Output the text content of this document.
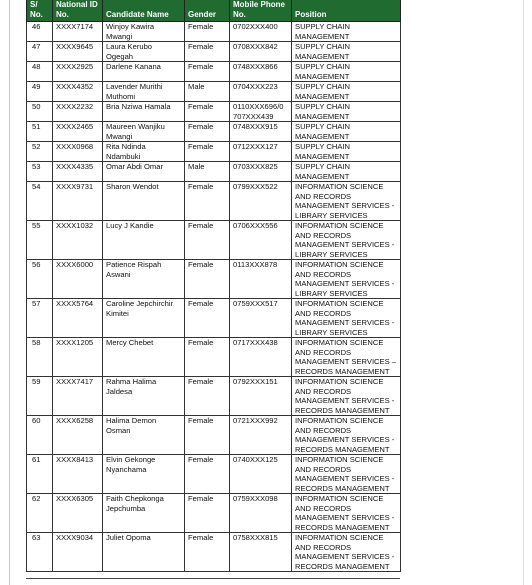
S/ No.	National ID No.	Candidate Name	Gender	Mobile Phone No.	Position
46	XXXX7174	Winjoy Kawira Mwangi	Female	0702XXX400	SUPPLY CHAIN MANAGEMENT
47	XXXX9645	Laura Kerubo Ogegah	Female	0708XXX842	SUPPLY CHAIN MANAGEMENT
48	XXXX2925	Darlene Kanana	Female	0748XXX866	SUPPLY CHAIN MANAGEMENT
49	XXXX4352	Lavender Murithi Muthomi	Male	0704XXX223	SUPPLY CHAIN MANAGEMENT
50	XXXX2232	Bria Nziwa Hamala	Female	0110XXX696/0 707XXX439	SUPPLY CHAIN MANAGEMENT
51	XXXX2465	Maureen Wanjiku Mwangi	Female	0748XXX915	SUPPLY CHAIN MANAGEMENT
52	XXXX0968	Rita Ndinda Ndambuki	Female	0712XXX127	SUPPLY CHAIN MANAGEMENT
53	XXXX4335	Omar Abdi Omar	Male	0703XXX825	SUPPLY CHAIN MANAGEMENT
54	XXXX9731	Sharon Wendot	Female	0799XXX522	INFORMATION SCIENCE AND RECORDS MANAGEMENT SERVICES - LIBRARY SERVICES
55	XXXX1032	Lucy J Kandie	Female	0706XXX556	INFORMATION SCIENCE AND RECORDS MANAGEMENT SERVICES - LIBRARY SERVICES
56	XXXX6000	Patience Rispah Aswani	Female	0113XXX878	INFORMATION SCIENCE AND RECORDS MANAGEMENT SERVICES - LIBRARY SERVICES
57	XXXX5764	Caroline Jepchirchir Kimitei	Female	0759XXX517	INFORMATION SCIENCE AND RECORDS MANAGEMENT SERVICES - LIBRARY SERVICES
58	XXXX1205	Mercy Chebet	Female	0717XXX438	INFORMATION SCIENCE AND RECORDS MANAGEMENT SERVICES – RECORDS MANAGEMENT
59	XXXX7417	Rahma Halima Jaldesa	Female	0792XXX151	INFORMATION SCIENCE AND RECORDS MANAGEMENT SERVICES - RECORDS MANAGEMENT
60	XXXX6258	Halima Demon Osman	Female	0721XXX992	INFORMATION SCIENCE AND RECORDS MANAGEMENT SERVICES - RECORDS MANAGEMENT
61	XXXX8413	Elvin Gekonge Nyanchama	Female	0740XXX125	INFORMATION SCIENCE AND RECORDS MANAGEMENT SERVICES - RECORDS MANAGEMENT
62	XXXX6305	Faith Chepkonga Jepchumba	Female	0759XXX098	INFORMATION SCIENCE AND RECORDS MANAGEMENT SERVICES - RECORDS MANAGEMENT
63	XXXX9034	Juliet Opoma	Female	0758XXX815	INFORMATION SCIENCE AND RECORDS MANAGEMENT SERVICES - RECORDS MANAGEMENT
